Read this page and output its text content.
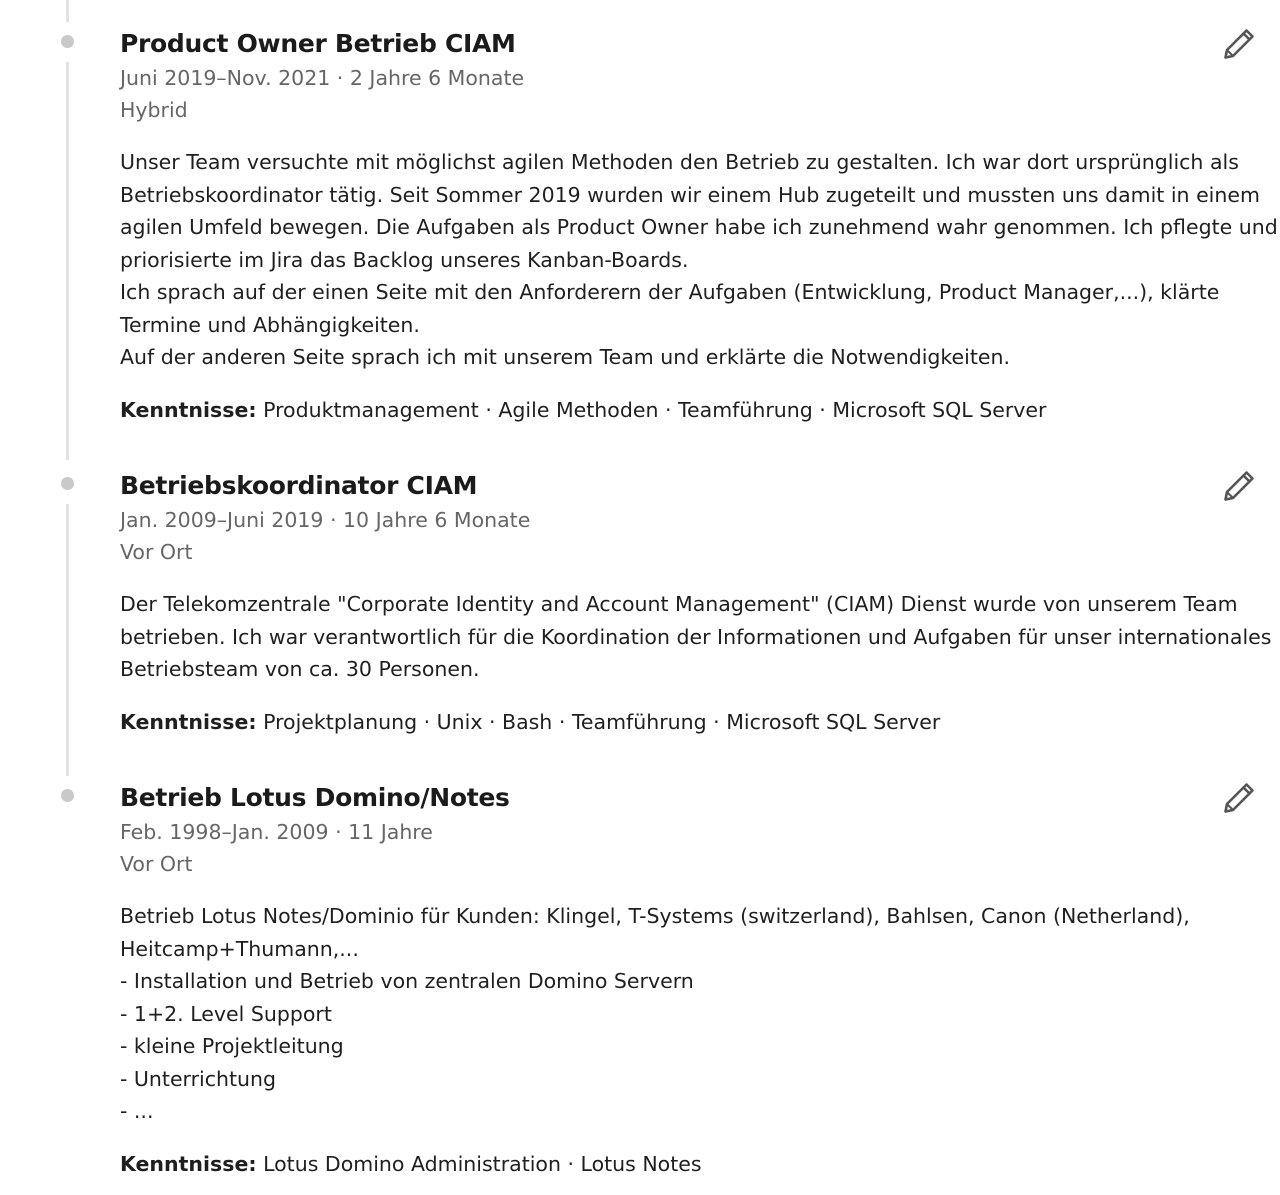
Product Owner Betrieb CIAM
Juni 2019–Nov. 2021 · 2 Jahre 6 Monate
Hybrid
Unser Team versuchte mit möglichst agilen Methoden den Betrieb zu gestalten. Ich war dort ursprünglich als
Betriebskoordinator tätig. Seit Sommer 2019 wurden wir einem Hub zugeteilt und mussten uns damit in einem
agilen Umfeld bewegen. Die Aufgaben als Product Owner habe ich zunehmend wahr genommen. Ich pflegte und
priorisierte im Jira das Backlog unseres Kanban-Boards.
Ich sprach auf der einen Seite mit den Anforderern der Aufgaben (Entwicklung, Product Manager,...), klärte
Termine und Abhängigkeiten.
Auf der anderen Seite sprach ich mit unserem Team und erklärte die Notwendigkeiten.
Kenntnisse: Produktmanagement · Agile Methoden · Teamführung · Microsoft SQL Server
Betriebskoordinator CIAM
Jan. 2009–Juni 2019 · 10 Jahre 6 Monate
Vor Ort
Der Telekomzentrale "Corporate Identity and Account Management" (CIAM) Dienst wurde von unserem Team
betrieben. Ich war verantwortlich für die Koordination der Informationen und Aufgaben für unser internationales
Betriebsteam von ca. 30 Personen.
Kenntnisse: Projektplanung · Unix · Bash · Teamführung · Microsoft SQL Server
Betrieb Lotus Domino/Notes
Feb. 1998–Jan. 2009 · 11 Jahre
Vor Ort
Betrieb Lotus Notes/Dominio für Kunden: Klingel, T-Systems (switzerland), Bahlsen, Canon (Netherland),
Heitcamp+Thumann,...
- Installation und Betrieb von zentralen Domino Servern
- 1+2. Level Support
- kleine Projektleitung
- Unterrichtung
- ...
Kenntnisse: Lotus Domino Administration · Lotus Notes
